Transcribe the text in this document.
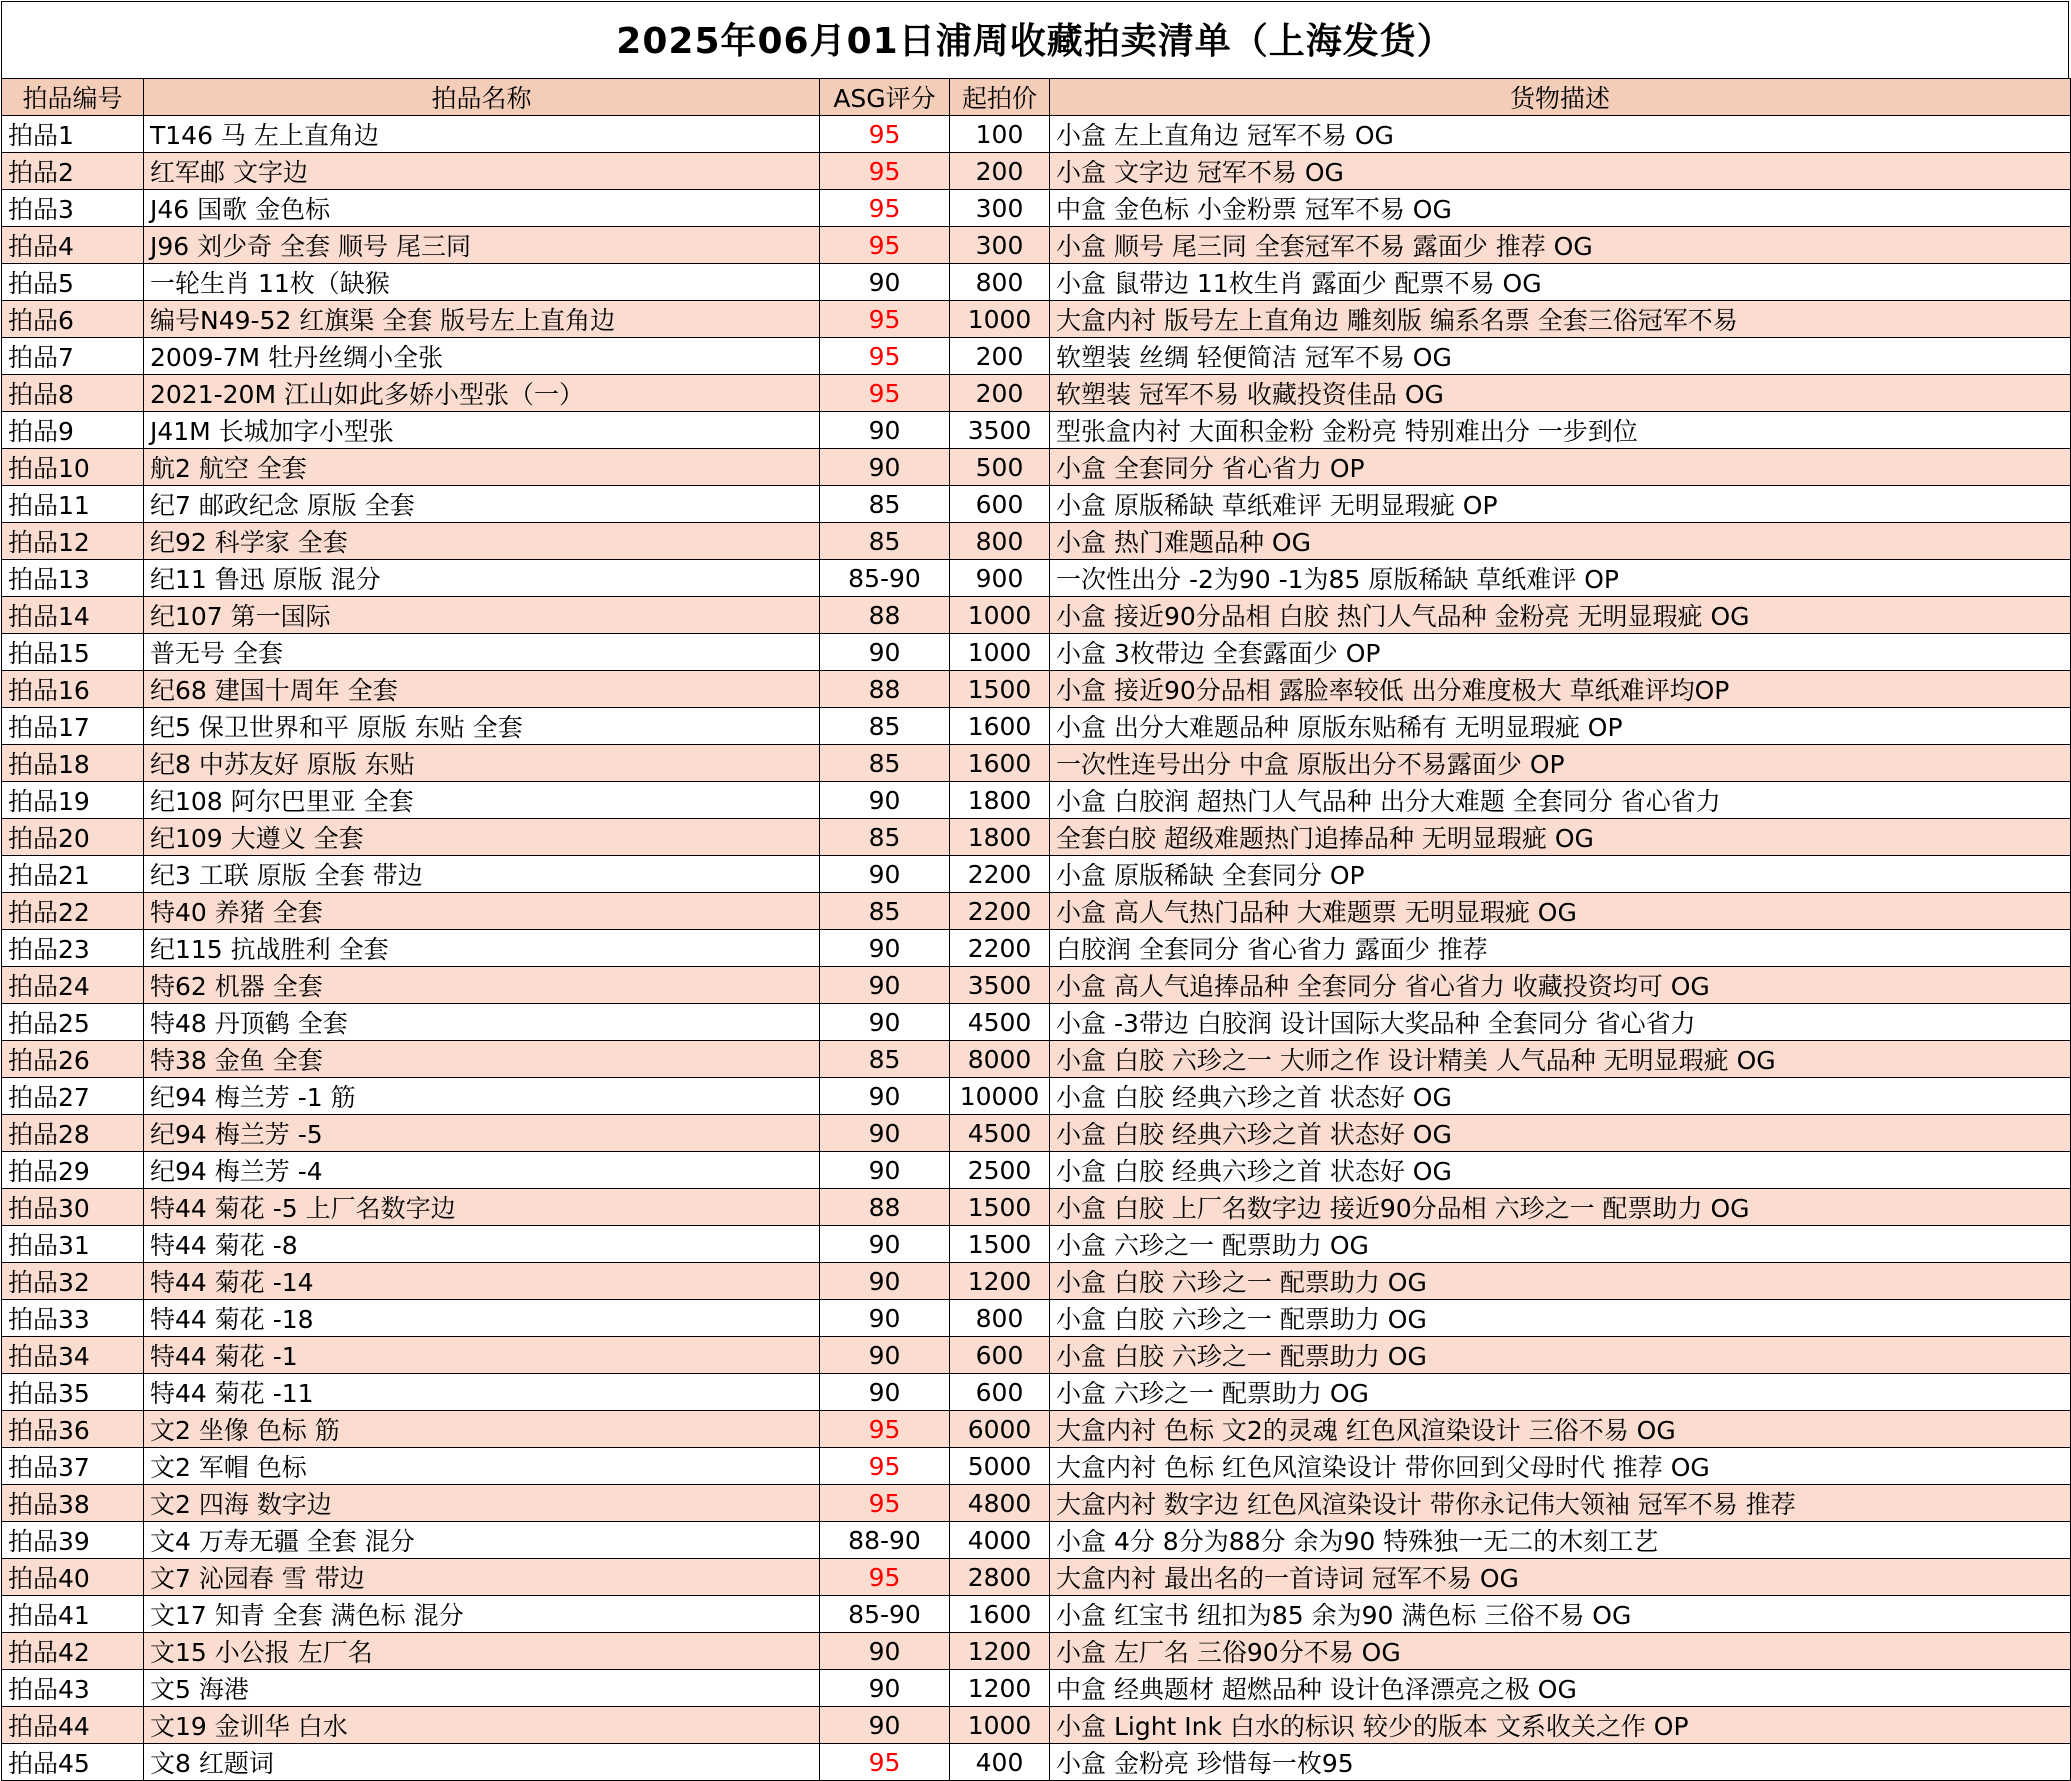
2025年06月01日浦周收藏拍卖清单（上海发货）
拍品编号	拍品名称	ASG评分	起拍价	货物描述
拍品1	T146 马 左上直角边	95	100	小盒 左上直角边 冠军不易 OG
拍品2	红军邮 文字边	95	200	小盒 文字边 冠军不易 OG
拍品3	J46 国歌 金色标	95	300	中盒 金色标 小金粉票 冠军不易 OG
拍品4	J96 刘少奇 全套 顺号 尾三同	95	300	小盒 顺号 尾三同 全套冠军不易 露面少 推荐 OG
拍品5	一轮生肖 11枚（缺猴	90	800	小盒 鼠带边 11枚生肖 露面少 配票不易 OG
拍品6	编号N49-52 红旗渠 全套 版号左上直角边	95	1000	大盒内衬 版号左上直角边 雕刻版 编系名票 全套三俗冠军不易
拍品7	2009-7M 牡丹丝绸小全张	95	200	软塑装 丝绸 轻便简洁 冠军不易 OG
拍品8	2021-20M 江山如此多娇小型张（一）	95	200	软塑装 冠军不易 收藏投资佳品 OG
拍品9	J41M 长城加字小型张	90	3500	型张盒内衬 大面积金粉 金粉亮 特别难出分 一步到位
拍品10	航2 航空 全套	90	500	小盒 全套同分 省心省力 OP
拍品11	纪7 邮政纪念 原版 全套	85	600	小盒 原版稀缺 草纸难评 无明显瑕疵 OP
拍品12	纪92 科学家 全套	85	800	小盒 热门难题品种 OG
拍品13	纪11 鲁迅 原版 混分	85-90	900	一次性出分 -2为90 -1为85 原版稀缺 草纸难评 OP
拍品14	纪107 第一国际	88	1000	小盒 接近90分品相 白胶 热门人气品种 金粉亮 无明显瑕疵 OG
拍品15	普无号 全套	90	1000	小盒 3枚带边 全套露面少 OP
拍品16	纪68 建国十周年 全套	88	1500	小盒 接近90分品相 露脸率较低 出分难度极大 草纸难评均OP
拍品17	纪5 保卫世界和平 原版 东贴 全套	85	1600	小盒 出分大难题品种 原版东贴稀有 无明显瑕疵 OP
拍品18	纪8 中苏友好 原版 东贴	85	1600	一次性连号出分 中盒 原版出分不易露面少 OP
拍品19	纪108 阿尔巴里亚 全套	90	1800	小盒 白胶润 超热门人气品种 出分大难题 全套同分 省心省力
拍品20	纪109 大遵义 全套	85	1800	全套白胶 超级难题热门追捧品种 无明显瑕疵 OG
拍品21	纪3 工联 原版 全套 带边	90	2200	小盒 原版稀缺 全套同分 OP
拍品22	特40 养猪 全套	85	2200	小盒 高人气热门品种 大难题票 无明显瑕疵 OG
拍品23	纪115 抗战胜利 全套	90	2200	白胶润 全套同分 省心省力 露面少 推荐
拍品24	特62 机器 全套	90	3500	小盒 高人气追捧品种 全套同分 省心省力 收藏投资均可 OG
拍品25	特48 丹顶鹤 全套	90	4500	小盒 -3带边 白胶润 设计国际大奖品种 全套同分 省心省力
拍品26	特38 金鱼 全套	85	8000	小盒 白胶 六珍之一 大师之作 设计精美 人气品种 无明显瑕疵 OG
拍品27	纪94 梅兰芳 -1 筋	90	10000	小盒 白胶 经典六珍之首 状态好 OG
拍品28	纪94 梅兰芳 -5	90	4500	小盒 白胶 经典六珍之首 状态好 OG
拍品29	纪94 梅兰芳 -4	90	2500	小盒 白胶 经典六珍之首 状态好 OG
拍品30	特44 菊花 -5 上厂名数字边	88	1500	小盒 白胶 上厂名数字边 接近90分品相 六珍之一 配票助力 OG
拍品31	特44 菊花 -8	90	1500	小盒 六珍之一 配票助力 OG
拍品32	特44 菊花 -14	90	1200	小盒 白胶 六珍之一 配票助力 OG
拍品33	特44 菊花 -18	90	800	小盒 白胶 六珍之一 配票助力 OG
拍品34	特44 菊花 -1	90	600	小盒 白胶 六珍之一 配票助力 OG
拍品35	特44 菊花 -11	90	600	小盒 六珍之一 配票助力 OG
拍品36	文2 坐像 色标 筋	95	6000	大盒内衬 色标 文2的灵魂 红色风渲染设计 三俗不易 OG
拍品37	文2 军帽 色标	95	5000	大盒内衬 色标 红色风渲染设计 带你回到父母时代 推荐 OG
拍品38	文2 四海 数字边	95	4800	大盒内衬 数字边 红色风渲染设计 带你永记伟大领袖 冠军不易 推荐
拍品39	文4 万寿无疆 全套 混分	88-90	4000	小盒 4分 8分为88分 余为90 特殊独一无二的木刻工艺
拍品40	文7 沁园春 雪 带边	95	2800	大盒内衬 最出名的一首诗词 冠军不易 OG
拍品41	文17 知青 全套 满色标 混分	85-90	1600	小盒 红宝书 纽扣为85 余为90 满色标 三俗不易 OG
拍品42	文15 小公报 左厂名	90	1200	小盒 左厂名 三俗90分不易 OG
拍品43	文5 海港	90	1200	中盒 经典题材 超燃品种 设计色泽漂亮之极 OG
拍品44	文19 金训华 白水	90	1000	小盒 Light Ink 白水的标识 较少的版本 文系收关之作 OP
拍品45	文8 红题词	95	400	小盒 金粉亮 珍惜每一枚95
